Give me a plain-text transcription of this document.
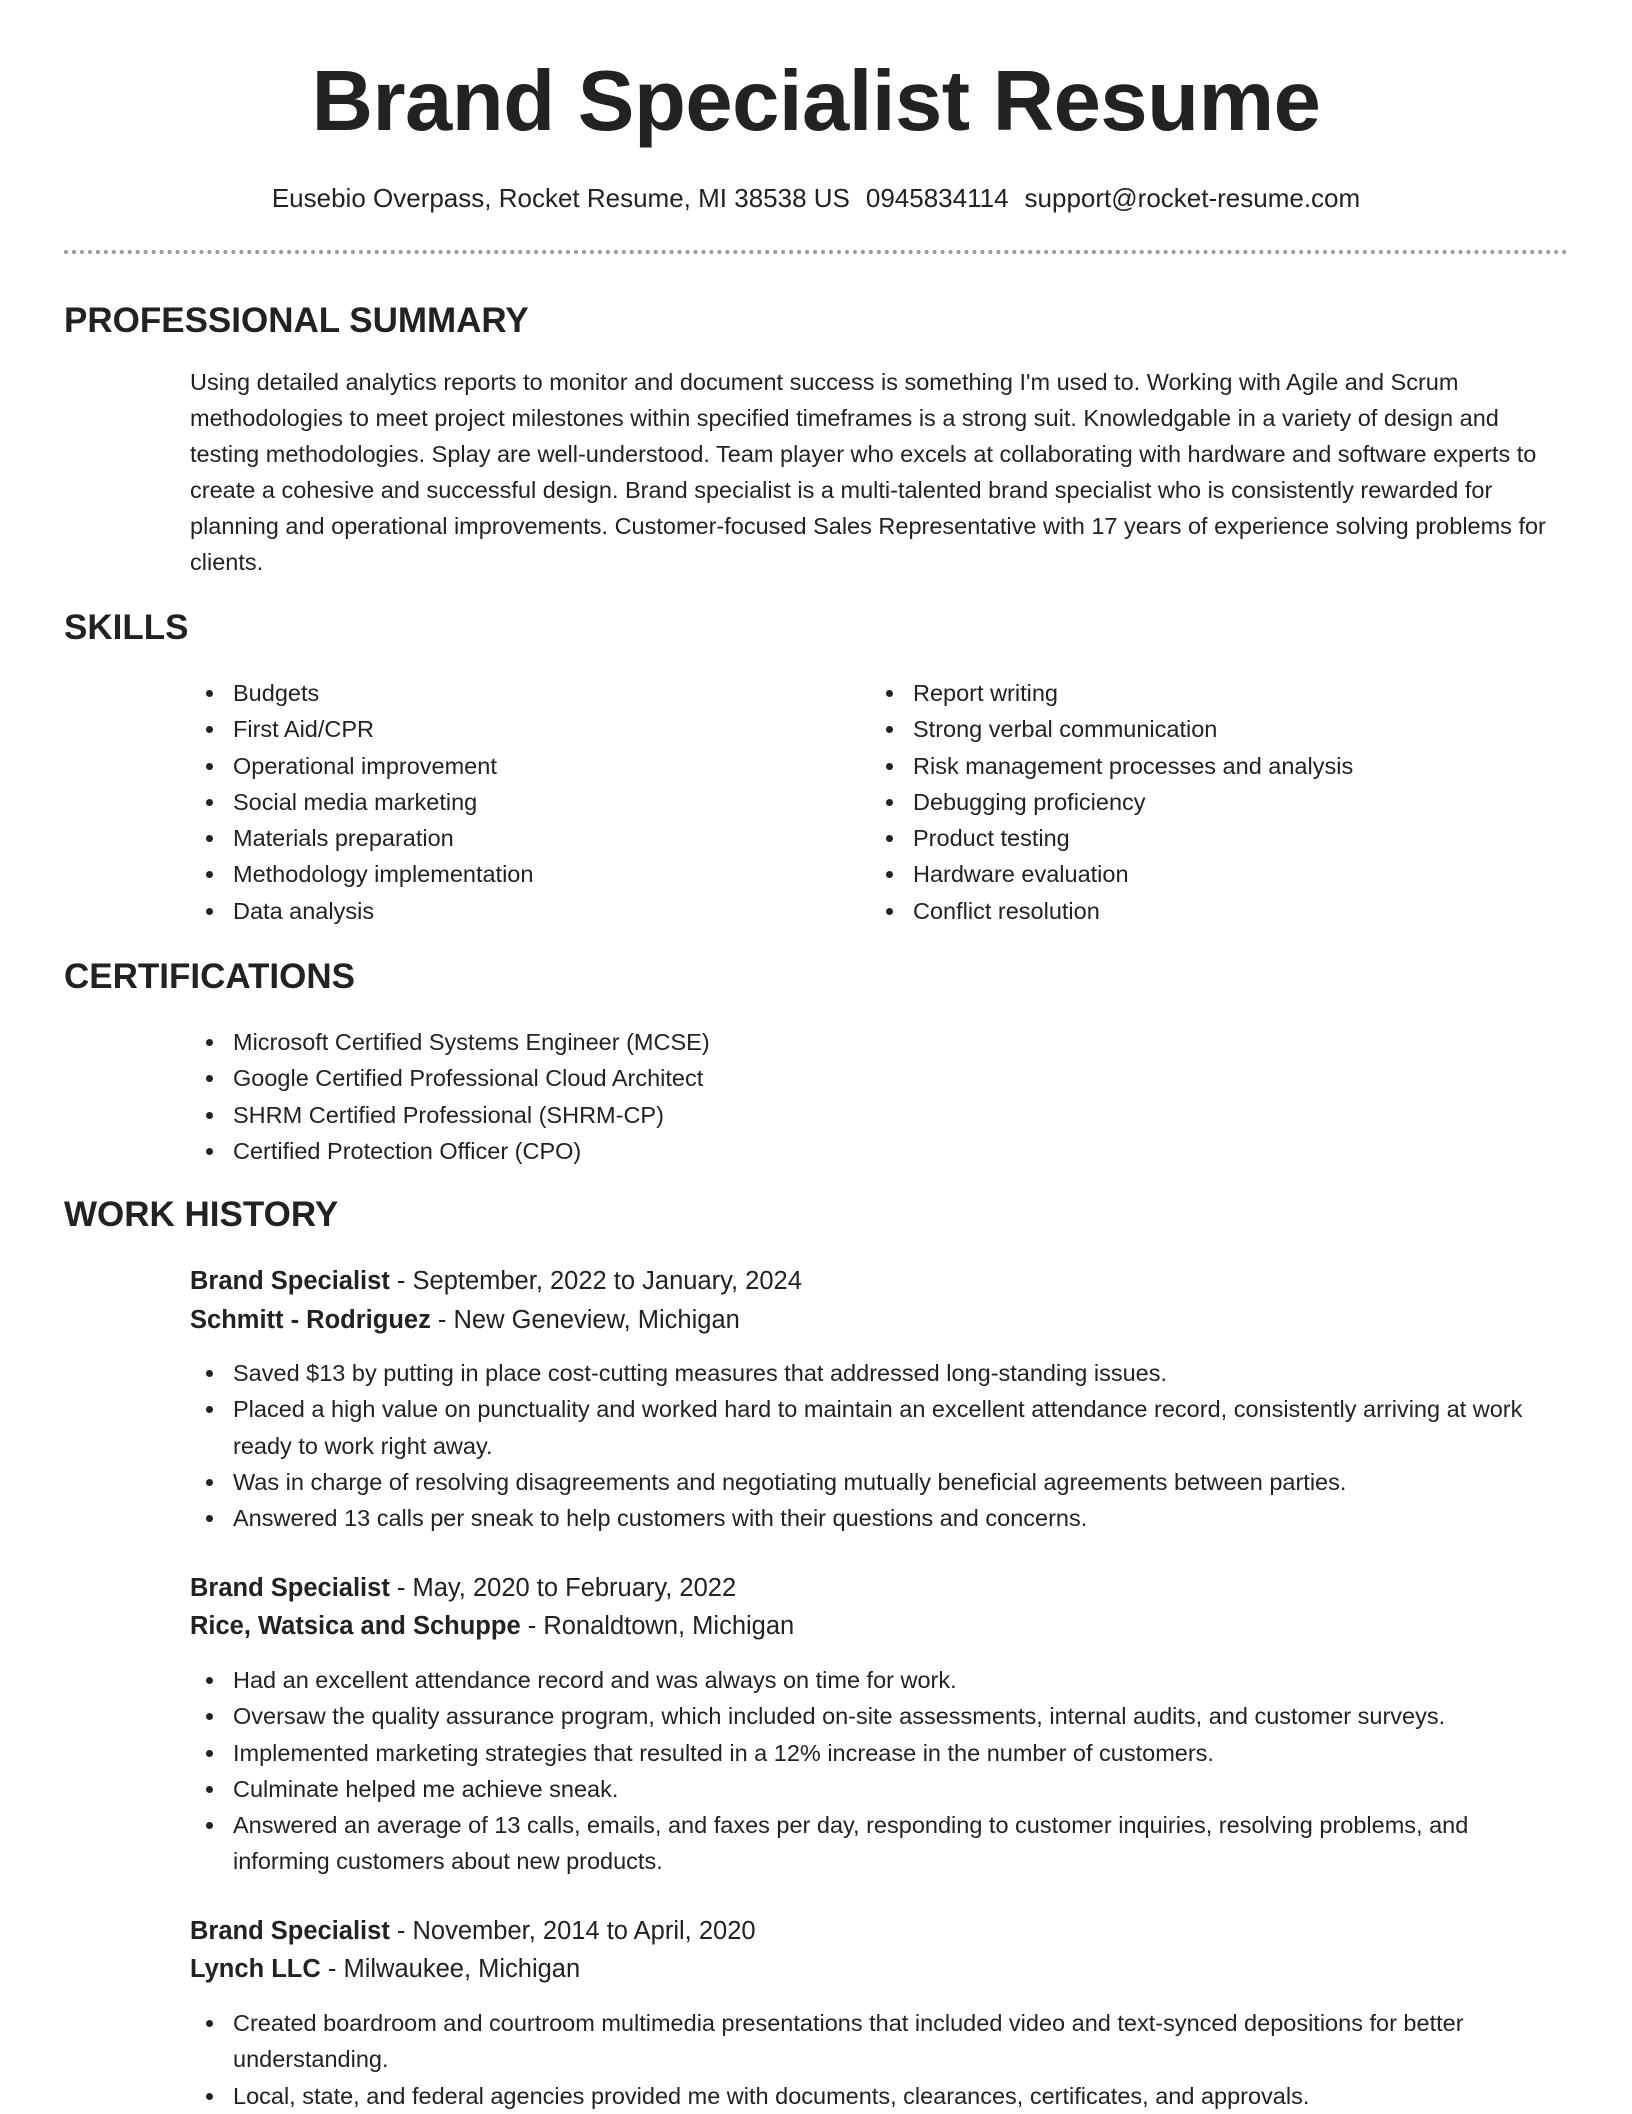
Brand Specialist Resume
Eusebio Overpass, Rocket Resume, MI 38538 US 0945834114 support@rocket-resume.com
PROFESSIONAL SUMMARY

Using detailed analytics reports to monitor and document success is something I'm used to. Working with Agile and Scrum methodologies to meet project milestones within specified timeframes is a strong suit. Knowledgable in a variety of design and testing methodologies. Splay are well-understood. Team player who excels at collaborating with hardware and software experts to create a cohesive and successful design. Brand specialist is a multi-talented brand specialist who is consistently rewarded for planning and operational improvements. Customer-focused Sales Representative with 17 years of experience solving problems for clients.

SKILLS
Budgets
First Aid/CPR
Operational improvement
Social media marketing
Materials preparation
Methodology implementation
Data analysis
Report writing
Strong verbal communication
Risk management processes and analysis
Debugging proficiency
Product testing
Hardware evaluation
Conflict resolution
CERTIFICATIONS
Microsoft Certified Systems Engineer (MCSE)
Google Certified Professional Cloud Architect
SHRM Certified Professional (SHRM-CP)
Certified Protection Officer (CPO)
WORK HISTORY
Brand Specialist - September, 2022 to January, 2024
Schmitt - Rodriguez - New Geneview, Michigan
Saved $13 by putting in place cost-cutting measures that addressed long-standing issues.
Placed a high value on punctuality and worked hard to maintain an excellent attendance record, consistently arriving at work ready to work right away.
Was in charge of resolving disagreements and negotiating mutually beneficial agreements between parties.
Answered 13 calls per sneak to help customers with their questions and concerns.
Brand Specialist - May, 2020 to February, 2022
Rice, Watsica and Schuppe - Ronaldtown, Michigan
Had an excellent attendance record and was always on time for work.
Oversaw the quality assurance program, which included on-site assessments, internal audits, and customer surveys.
Implemented marketing strategies that resulted in a 12% increase in the number of customers.
Culminate helped me achieve sneak.
Answered an average of 13 calls, emails, and faxes per day, responding to customer inquiries, resolving problems, and informing customers about new products.
Brand Specialist - November, 2014 to April, 2020
Lynch LLC - Milwaukee, Michigan
Created boardroom and courtroom multimedia presentations that included video and text-synced depositions for better understanding.
Local, state, and federal agencies provided me with documents, clearances, certificates, and approvals.
